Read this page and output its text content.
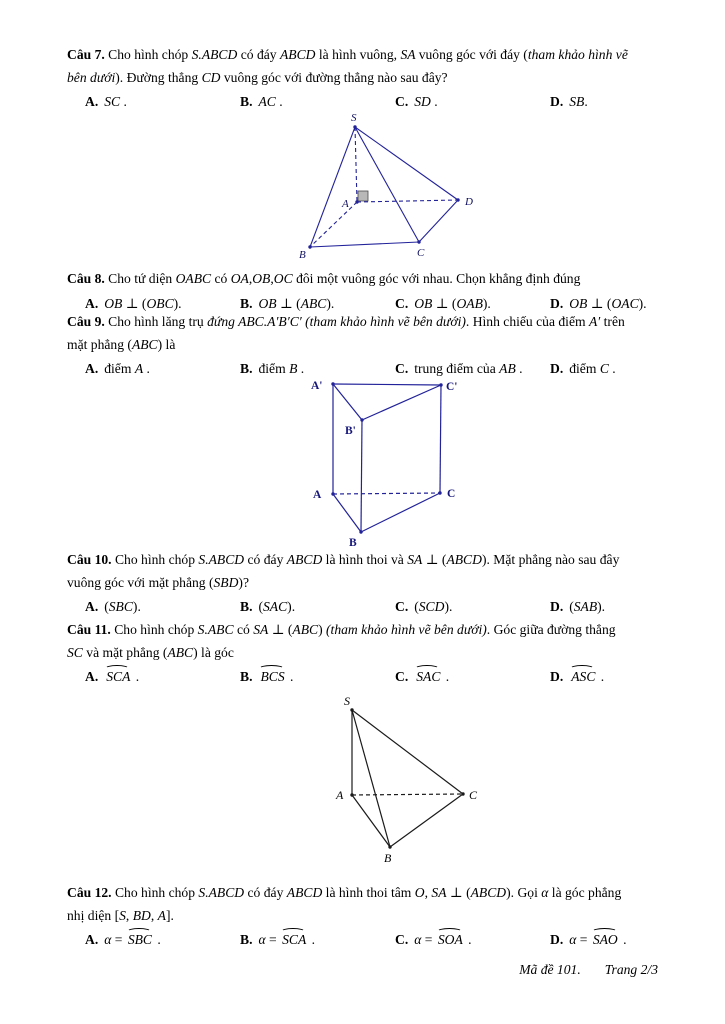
Câu 7. Cho hình chóp S.ABCD có đáy ABCD là hình vuông, SA vuông góc với đáy (tham khảo hình vẽ
bên dưới). Đường thẳng CD vuông góc với đường thẳng nào sau đây?
A. SC .	B. AC .	C. SD .	D. SB.
S
A
B	C
D
Câu 8. Cho tứ diện OABC có OA,OB,OC đôi một vuông góc với nhau. Chọn khẳng định đúng
A. OB ⊥ (OBC).	B. OB ⊥ (ABC).	C. OB ⊥ (OAB).	D. OB ⊥ (OAC).
Câu 9. Cho hình lăng trụ đứng ABC.A′B′C′ (tham khảo hình vẽ bên dưới). Hình chiếu của điểm A′ trên
mặt phẳng (ABC) là
A. điểm A .	B. điểm B .	C. trung điểm của AB .	D. điểm C .
A'	C'
B'
A	C
B
Câu 10. Cho hình chóp S.ABCD có đáy ABCD là hình thoi và SA ⊥ (ABCD). Mặt phẳng nào sau đây
vuông góc với mặt phẳng (SBD)?
A. (SBC).	B. (SAC).	C. (SCD).	D. (SAB).
Câu 11. Cho hình chóp S.ABC có SA ⊥ (ABC) (tham khảo hình vẽ bên dưới). Góc giữa đường thẳng
SC và mặt phẳng (ABC) là góc
A. SCA .	B. BCS .	C. SAC .	D. ASC .
S
A	C
B
Câu 12. Cho hình chóp S.ABCD có đáy ABCD là hình thoi tâm O, SA ⊥ (ABCD). Gọi α là góc phẳng
nhị diện [S, BD, A].
A. α = SBC .	B. α = SCA .	C. α = SOA .	D. α = SAO .
Mã đề 101. Trang 2/3
